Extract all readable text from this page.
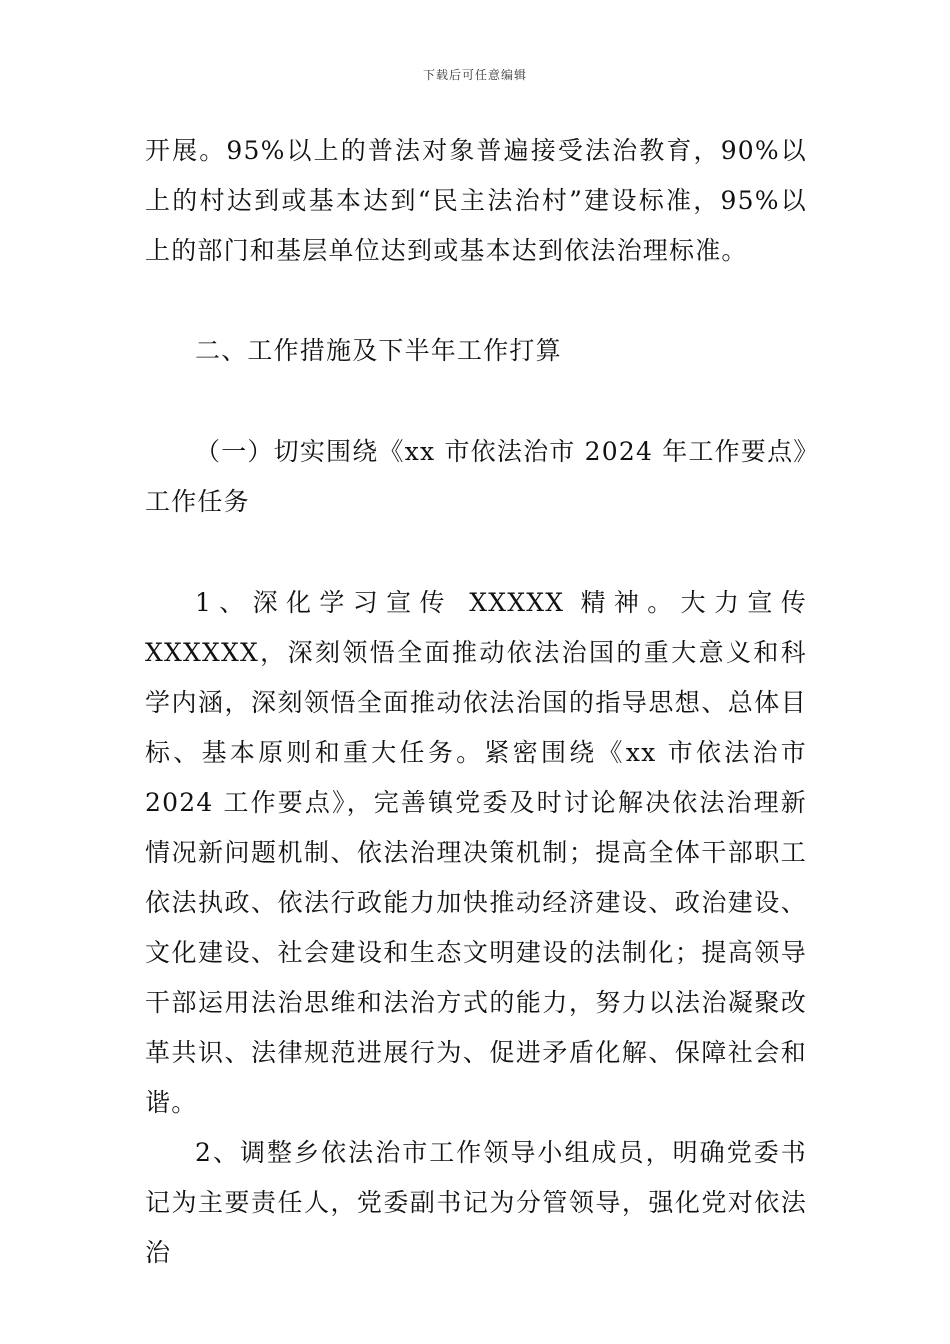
下载后可任意编辑

开展。95%以上的普法对象普遍接受法治教育，90%以上的村达到或基本达到“民主法治村”建设标准，95%以上的部门和基层单位达到或基本达到依法治理标准。

二、工作措施及下半年工作打算

（一）切实围绕《xx 市依法治市 2024 年工作要点》工作任务

1、深化学习宣传 XXXXX 精神。大力宣传 XXXXXX，深刻领悟全面推动依法治国的重大意义和科学内涵，深刻领悟全面推动依法治国的指导思想、总体目标、基本原则和重大任务。紧密围绕《xx 市依法治市 2024 工作要点》，完善镇党委及时讨论解决依法治理新情况新问题机制、依法治理决策机制；提高全体干部职工依法执政、依法行政能力加快推动经济建设、政治建设、文化建设、社会建设和生态文明建设的法制化；提高领导干部运用法治思维和法治方式的能力，努力以法治凝聚改革共识、法律规范进展行为、促进矛盾化解、保障社会和谐。

2、调整乡依法治市工作领导小组成员，明确党委书记为主要责任人，党委副书记为分管领导，强化党对依法治
